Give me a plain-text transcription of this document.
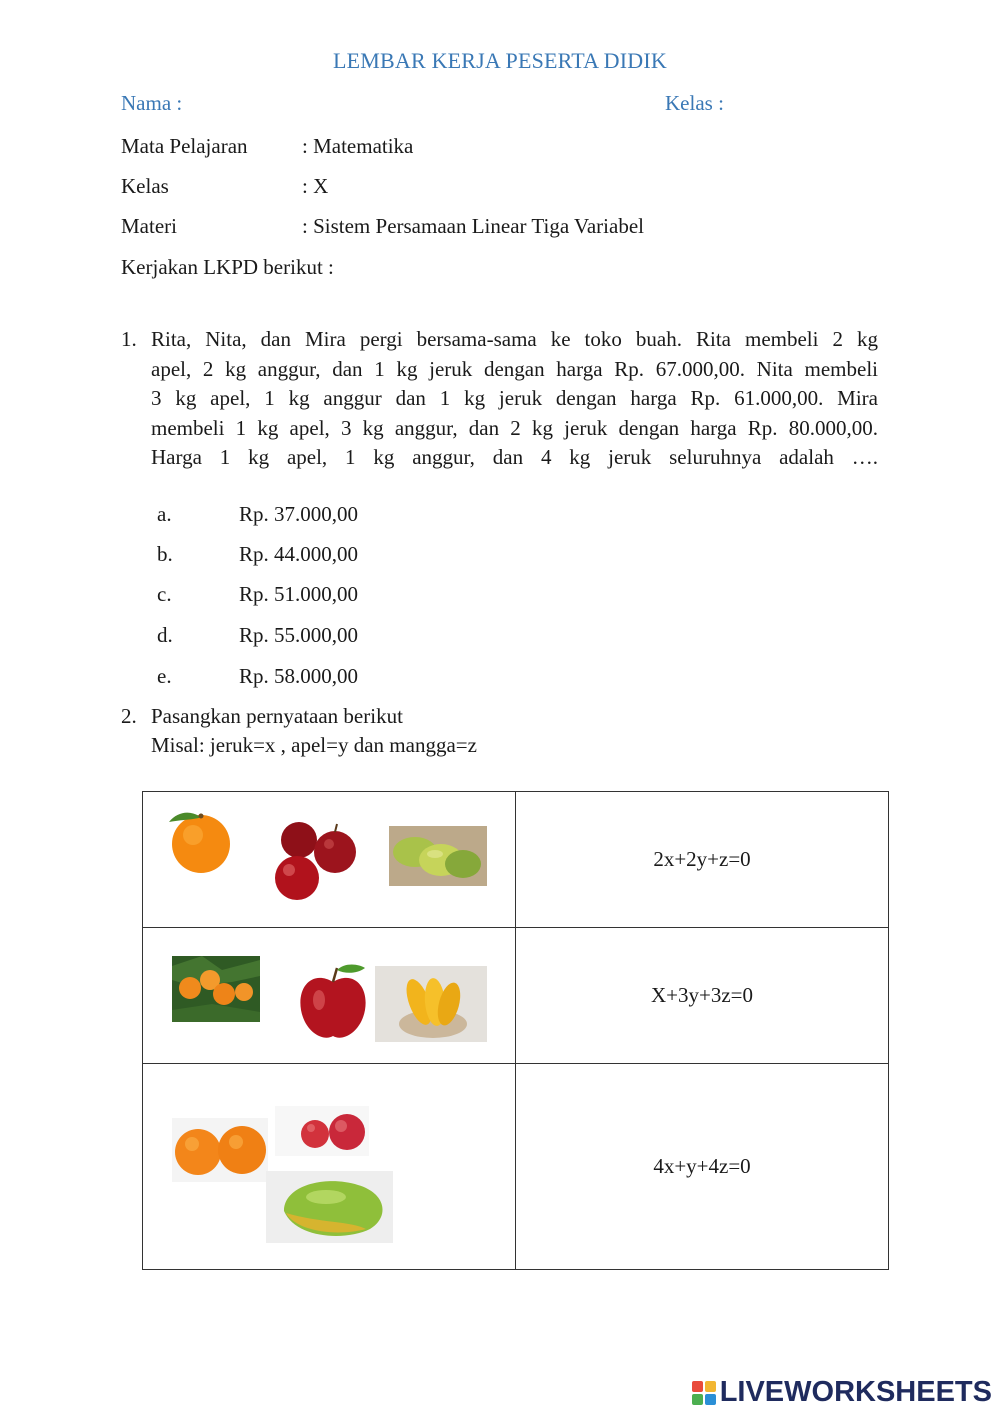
LEMBAR KERJA PESERTA DIDIK
Nama :	Kelas :
Mata Pelajaran	: Matematika
Kelas	: X
Materi	: Sistem Persamaan Linear Tiga Variabel
Kerjakan LKPD berikut :
1. Rita, Nita, dan Mira pergi bersama-sama ke toko buah. Rita membeli 2 kg
apel, 2 kg anggur, dan 1 kg jeruk dengan harga Rp. 67.000,00. Nita membeli
3 kg apel, 1 kg anggur dan 1 kg jeruk dengan harga Rp. 61.000,00. Mira
membeli 1 kg apel, 3 kg anggur, dan 2 kg jeruk dengan harga Rp. 80.000,00.
Harga 1 kg apel, 1 kg anggur, dan 4 kg jeruk seluruhnya adalah ….
a.	Rp. 37.000,00
b.	Rp. 44.000,00
c.	Rp. 51.000,00
d.	Rp. 55.000,00
e.	Rp. 58.000,00
2. Pasangkan pernyataan berikut
Misal: jeruk=x , apel=y dan mangga=z
	2x+2y+z=0

	X+3y+3z=0

	4x+y+4z=0
LIVEWORKSHEETS
